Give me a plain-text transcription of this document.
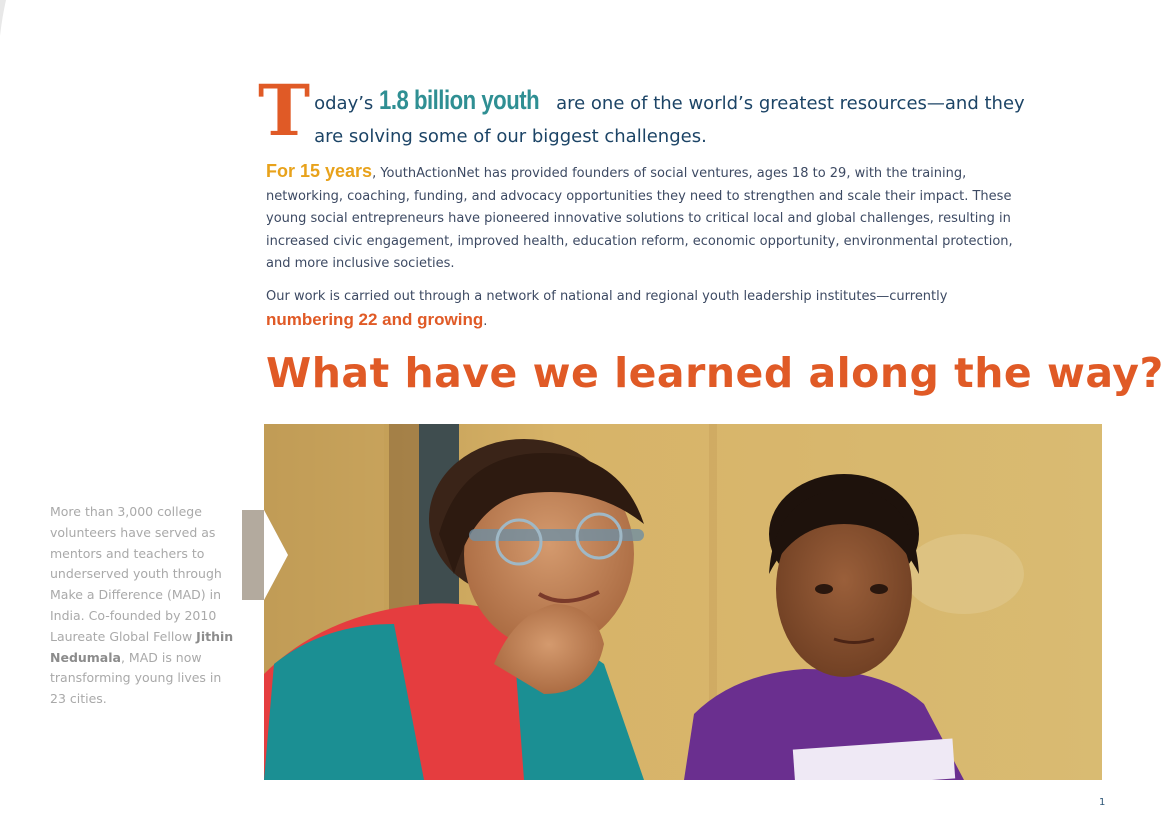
T oday’s 1.8 billion youth are one of the world’s greatest resources—and they are solving some of our biggest challenges.
For 15 years, YouthActionNet has provided founders of social ventures, ages 18 to 29, with the training, networking, coaching, funding, and advocacy opportunities they need to strengthen and scale their impact. These young social entrepreneurs have pioneered innovative solutions to critical local and global challenges, resulting in increased civic engagement, improved health, education reform, economic opportunity, environmental protection, and more inclusive societies.
Our work is carried out through a network of national and regional youth leadership institutes—currently numbering 22 and growing.
What have we learned along the way?
More than 3,000 college volunteers have served as mentors and teachers to underserved youth through Make a Difference (MAD) in India. Co-founded by 2010 Laureate Global Fellow Jithin Nedumala, MAD is now transforming young lives in 23 cities.
1
